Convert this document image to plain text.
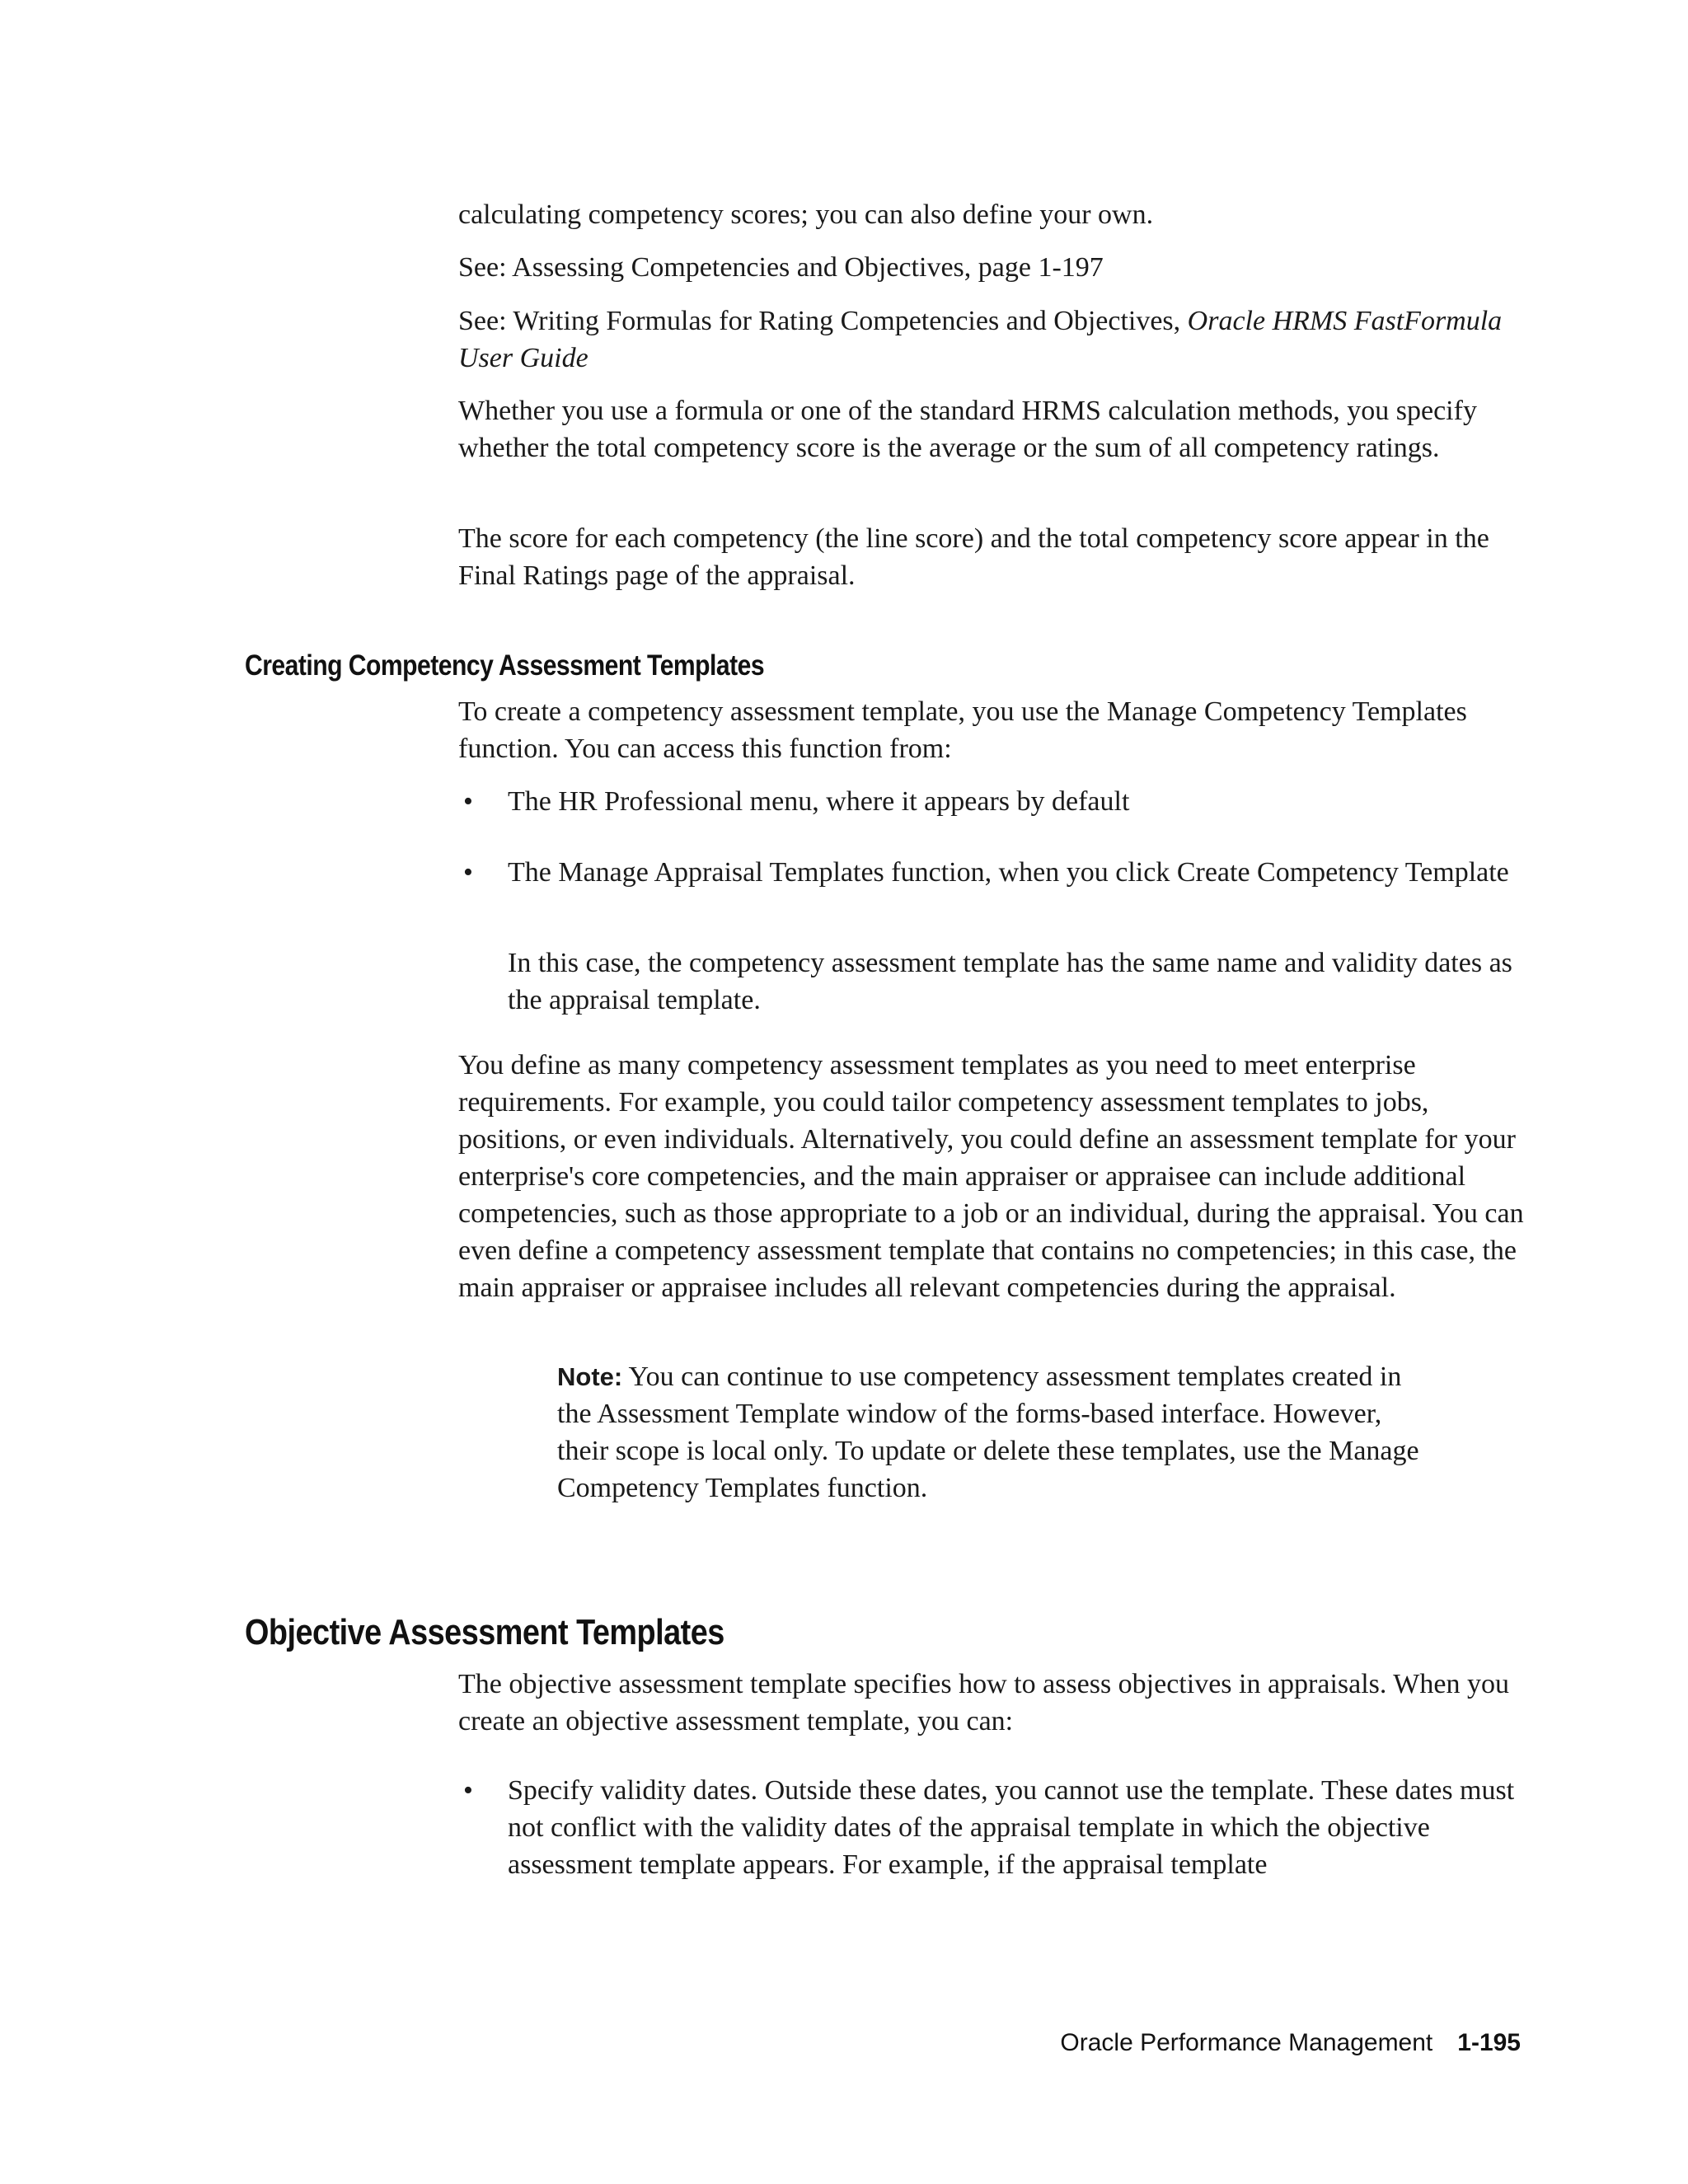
calculating competency scores; you can also define your own.

See: Assessing Competencies and Objectives, page 1-197

See: Writing Formulas for Rating Competencies and Objectives, Oracle HRMS FastFormula User Guide

Whether you use a formula or one of the standard HRMS calculation methods, you specify whether the total competency score is the average or the sum of all competency ratings.

The score for each competency (the line score) and the total competency score appear in the Final Ratings page of the appraisal.

Creating Competency Assessment Templates

To create a competency assessment template, you use the Manage Competency Templates function. You can access this function from:

• The HR Professional menu, where it appears by default
• The Manage Appraisal Templates function, when you click Create Competency Template

In this case, the competency assessment template has the same name and validity dates as the appraisal template.

You define as many competency assessment templates as you need to meet enterprise requirements. For example, you could tailor competency assessment templates to jobs, positions, or even individuals. Alternatively, you could define an assessment template for your enterprise's core competencies, and the main appraiser or appraisee can include additional competencies, such as those appropriate to a job or an individual, during the appraisal. You can even define a competency assessment template that contains no competencies; in this case, the main appraiser or appraisee includes all relevant competencies during the appraisal.

Note: You can continue to use competency assessment templates created in the Assessment Template window of the forms-based interface. However, their scope is local only. To update or delete these templates, use the Manage Competency Templates function.
Objective Assessment Templates

The objective assessment template specifies how to assess objectives in appraisals. When you create an objective assessment template, you can:

• Specify validity dates. Outside these dates, you cannot use the template. These dates must not conflict with the validity dates of the appraisal template in which the objective assessment template appears. For example, if the appraisal template
Oracle Performance Management 1-195
